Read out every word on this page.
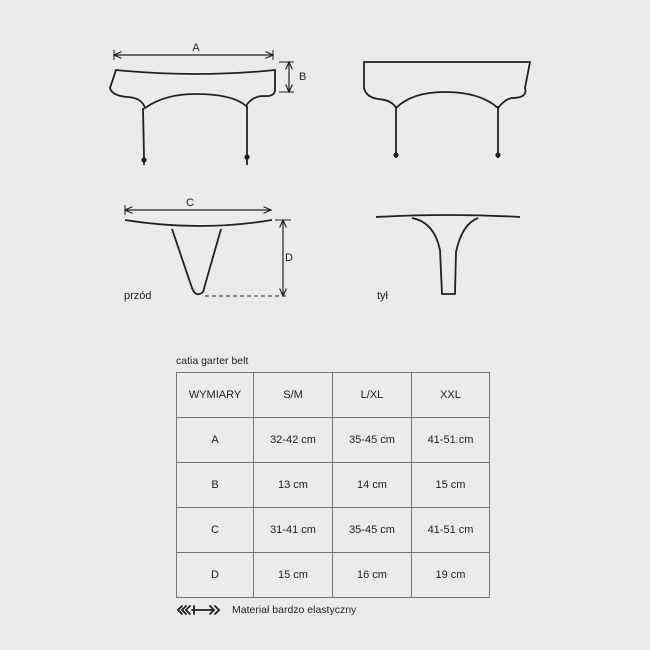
A
B
C
D
przód	tył
catia garter belt
WYMIARY	S/M	L/XL	XXL
A	32-42 cm	35-45 cm	41-51 cm
B	13 cm	14 cm	15 cm
C	31-41 cm	35-45 cm	41-51 cm
D	15 cm	16 cm	19 cm
Materiał bardzo elastyczny
